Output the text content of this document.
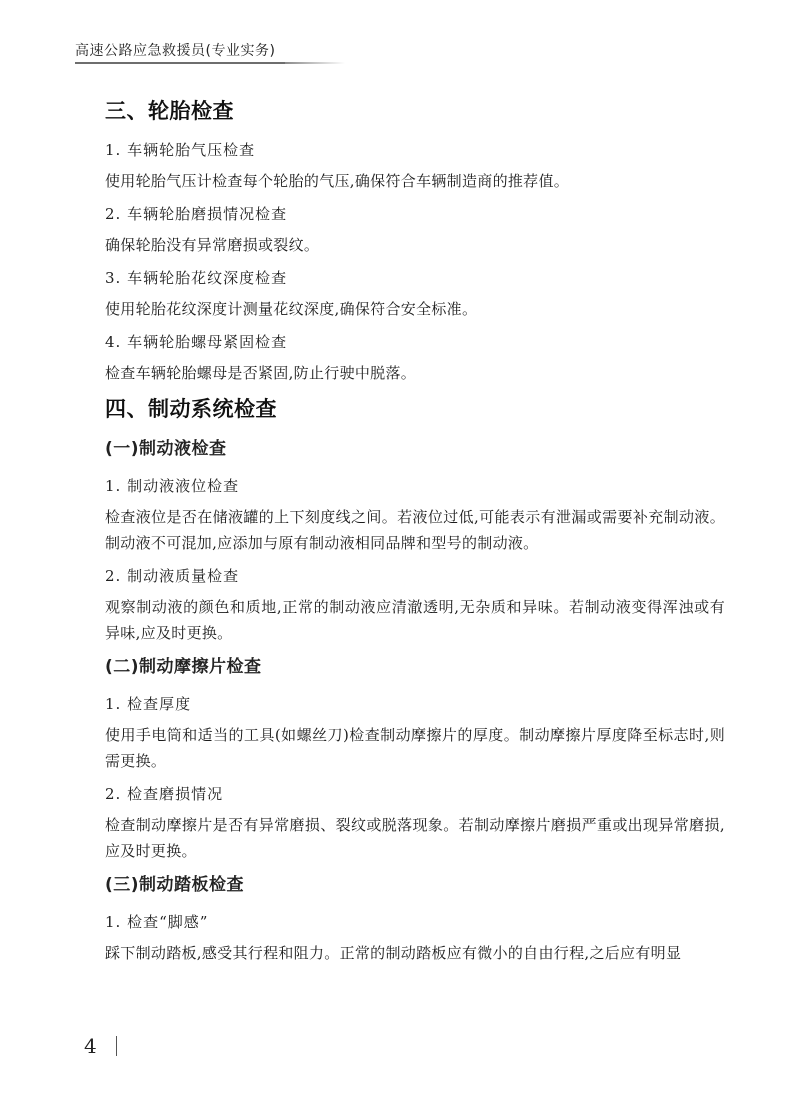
高速公路应急救援员(专业实务)
三、轮胎检查
1. 车辆轮胎气压检查

使用轮胎气压计检查每个轮胎的气压,确保符合车辆制造商的推荐值。

2. 车辆轮胎磨损情况检查

确保轮胎没有异常磨损或裂纹。

3. 车辆轮胎花纹深度检查

使用轮胎花纹深度计测量花纹深度,确保符合安全标准。

4. 车辆轮胎螺母紧固检查

检查车辆轮胎螺母是否紧固,防止行驶中脱落。

四、制动系统检查
(一)制动液检查
1. 制动液液位检查

检查液位是否在储液罐的上下刻度线之间。若液位过低,可能表示有泄漏或需要补充制动液。制动液不可混加,应添加与原有制动液相同品牌和型号的制动液。

2. 制动液质量检查

观察制动液的颜色和质地,正常的制动液应清澈透明,无杂质和异味。若制动液变得浑浊或有异味,应及时更换。

(二)制动摩擦片检查
1. 检查厚度

使用手电筒和适当的工具(如螺丝刀)检查制动摩擦片的厚度。制动摩擦片厚度降至标志时,则需更换。

2. 检查磨损情况

检查制动摩擦片是否有异常磨损、裂纹或脱落现象。若制动摩擦片磨损严重或出现异常磨损,应及时更换。

(三)制动踏板检查
1. 检查“脚感”

踩下制动踏板,感受其行程和阻力。正常的制动踏板应有微小的自由行程,之后应有明显

4
